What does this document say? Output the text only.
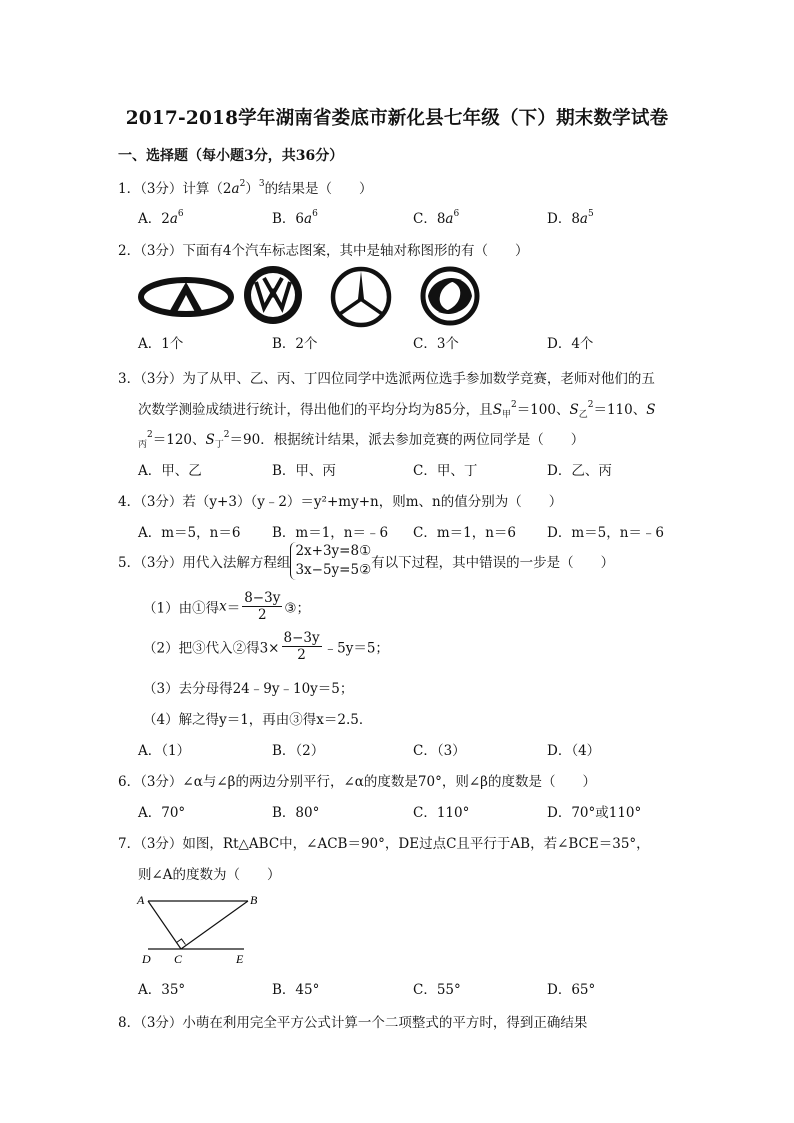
2017-2018学年湖南省娄底市新化县七年级（下）期末数学试卷
一、选择题（每小题3分，共36分）
1．（3分）计算$(2a^2)^3$的结果是（　　）
A．$2a^6$	B．$6a^6$	C．$8a^6$	D．$8a^5$
2．（3分）下面有4个汽车标志图案，其中是轴对称图形的有（　　）
A．1个	B．2个	C．3个	D．4个
3．（3分）为了从甲、乙、丙、丁四位同学中选派两位选手参加数学竞赛，老师对他们的五
次数学测验成绩进行统计，得出他们的平均分均为85分，且$S_甲^2=100$、$S_乙^2=110$、S
$_丙^2$＝120、$S_丁^2=90$．根据统计结果，派去参加竞赛的两位同学是（　　）
A．甲、乙	B．甲、丙	C．甲、丁	D．乙、丙
4．（3分）若（y+3）（y﹣2）＝y²+my+n，则m、n的值分别为（　　）
A．m＝5，n＝6 B．m＝1，n＝﹣6 C．m＝1，n＝6 D．m＝5，n＝﹣6
5．（3分）用代入法解方程组
2x+3y=8①
3x−5y=5② 有以下过程，其中错误的一步是（　　）
（1）由①得$x= \frac{8-3y}{2}$ ③；
（2）把③代入②得$3\times \frac{8-3y}{2}$ ﹣5y＝5；
（3）去分母得24﹣9y﹣10y＝5；
（4）解之得y＝1，再由③得x＝2.5．
A．（1）	B．（2）	C．（3）	D．（4）
6．（3分）∠α与∠β的两边分别平行，∠α的度数是70°，则∠β的度数是（　　）
A．70°	B．80°	C．110°	D．70°或110°
7．（3分）如图，Rt△ABC中，∠ACB＝90°，DE过点C且平行于AB，若∠BCE＝35°，
则∠A的度数为（　　）
A	B
C
D	E
A．35°	B．45°	C．55°	D．65°
8．（3分）小萌在利用完全平方公式计算一个二项整式的平方时，得到正确结果
